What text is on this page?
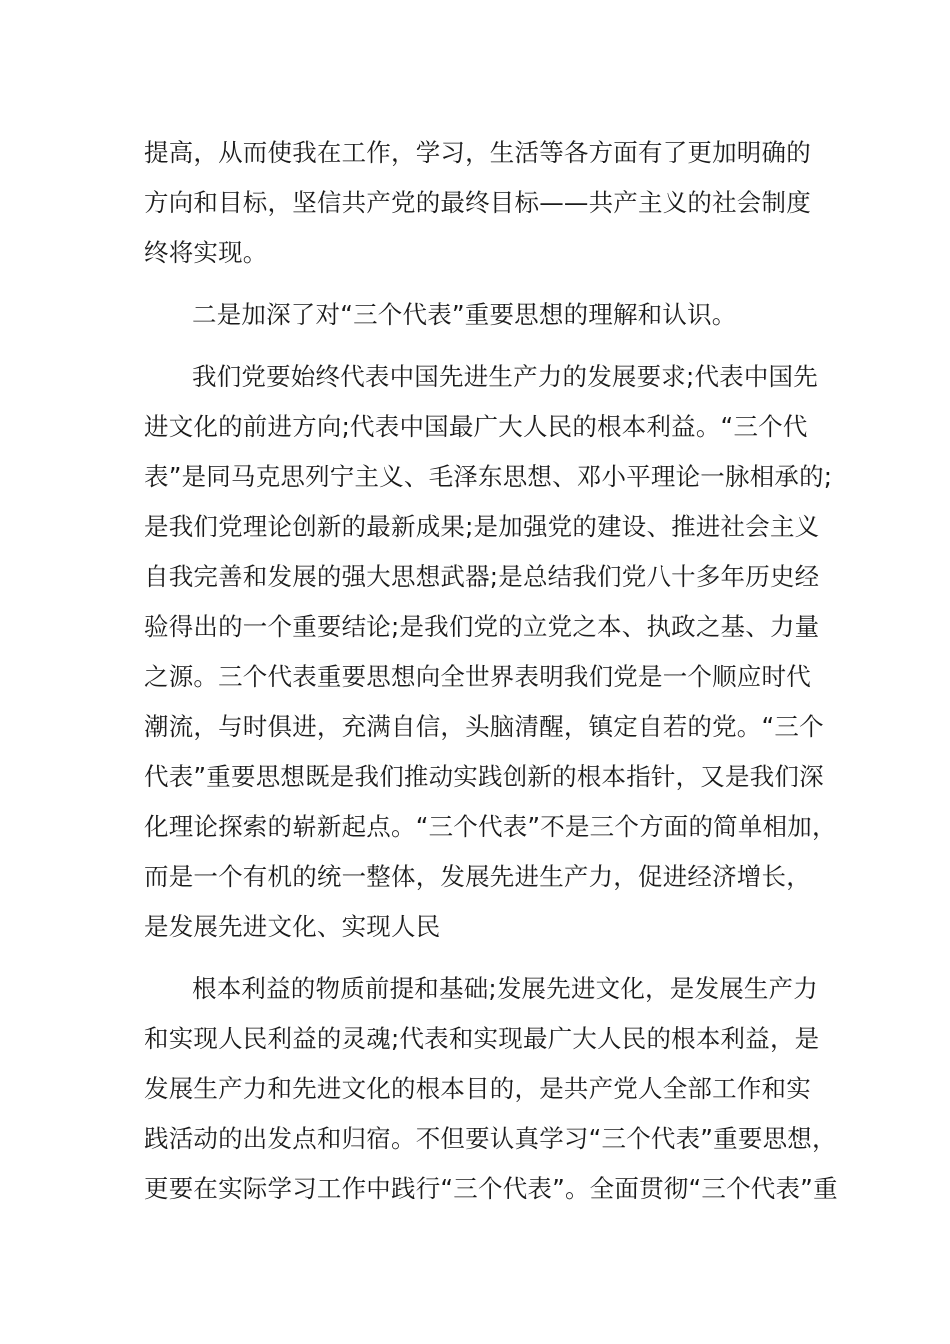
提高，从而使我在工作，学习，生活等各方面有了更加明确的
方向和目标，坚信共产党的最终目标——共产主义的社会制度
终将实现。
二是加深了对“三个代表”重要思想的理解和认识。
我们党要始终代表中国先进生产力的发展要求;代表中国先
进文化的前进方向;代表中国最广大人民的根本利益。“三个代
表”是同马克思列宁主义、毛泽东思想、邓小平理论一脉相承的;
是我们党理论创新的最新成果;是加强党的建设、推进社会主义
自我完善和发展的强大思想武器;是总结我们党八十多年历史经
验得出的一个重要结论;是我们党的立党之本、执政之基、力量
之源。三个代表重要思想向全世界表明我们党是一个顺应时代
潮流，与时俱进，充满自信，头脑清醒，镇定自若的党。“三个
代表”重要思想既是我们推动实践创新的根本指针，又是我们深
化理论探索的崭新起点。“三个代表”不是三个方面的简单相加，
而是一个有机的统一整体，发展先进生产力，促进经济增长，
是发展先进文化、实现人民
根本利益的物质前提和基础;发展先进文化，是发展生产力
和实现人民利益的灵魂;代表和实现最广大人民的根本利益，是
发展生产力和先进文化的根本目的，是共产党人全部工作和实
践活动的出发点和归宿。不但要认真学习“三个代表”重要思想，
更要在实际学习工作中践行“三个代表”。全面贯彻“三个代表”重
